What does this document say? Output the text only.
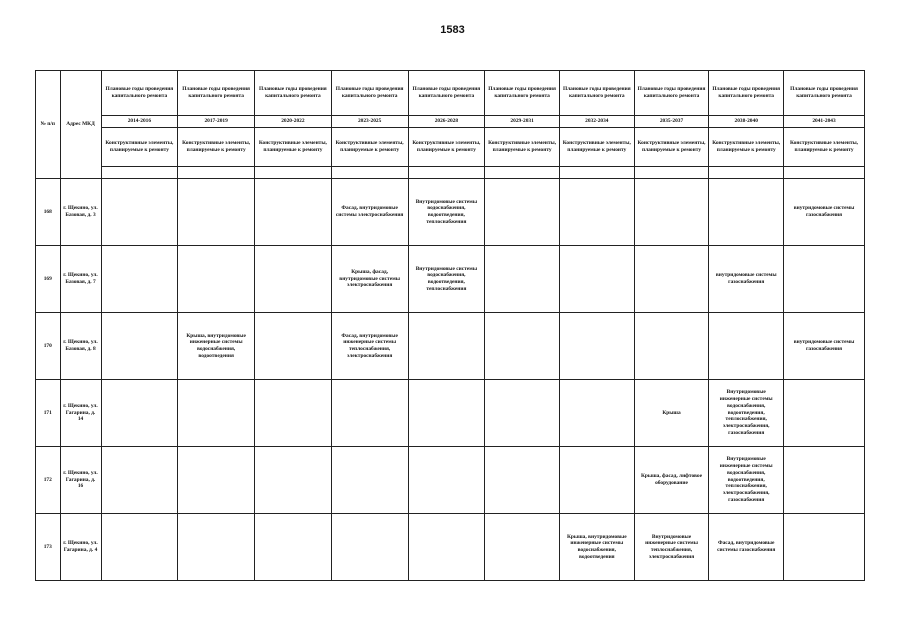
1583
№ п/п	Адрес МКД	Плановые годы проведения капитального ремонта	Плановые годы проведения капитального ремонта	Плановые годы проведения капитального ремонта	Плановые годы проведения капитального ремонта	Плановые годы проведения капитального ремонта	Плановые годы проведения капитального ремонта	Плановые годы проведения капитального ремонта	Плановые годы проведения капитального ремонта	Плановые годы проведения капитального ремонта	Плановые годы проведения капитального ремонта
		2014-2016	2017-2019	2020-2022	2023-2025	2026-2028	2029-2031	2032-2034	2035-2037	2038-2040	2041-2043
		Конструктивные элементы, планируемые к ремонту	Конструктивные элементы, планируемые к ремонту	Конструктивные элементы, планируемые к ремонту	Конструктивные элементы, планируемые к ремонту	Конструктивные элементы, планируемые к ремонту	Конструктивные элементы, планируемые к ремонту	Конструктивные элементы, планируемые к ремонту	Конструктивные элементы, планируемые к ремонту	Конструктивные элементы, планируемые к ремонту	Конструктивные элементы, планируемые к ремонту

168	г. Щекино, ул. Базовая, д. 3				Фасад, внутридомовые системы электроснабжения	Внутридомовые системы водоснабжения, водоотведения, теплоснабжения					внутридомовые системы газоснабжения
169	г. Щекино, ул. Базовая, д. 7				Крыша, фасад, внутридомовые системы электроснабжения	Внутридомовые системы водоснабжения, водоотведения, теплоснабжения				внутридомовые системы газоснабжения	
170	г. Щекино, ул. Базовая, д. 8		Крыша, внутридомовые инженерные системы водоснабжения, водоотведения		Фасад, внутридомовые инженерные системы теплоснабжения, электроснабжения						внутридомовые системы газоснабжения
171	г. Щекино, ул. Гагарина, д. 14								Крыша	Внутридомовые инженерные системы водоснабжения, водоотведения, теплоснабжения, электроснабжения, газоснабжения	
172	г. Щекино, ул. Гагарина, д. 16								Крыша, фасад, лифтовое оборудование	Внутридомовые инженерные системы водоснабжения, водоотведения, теплоснабжения, электроснабжения, газоснабжения	
173	г. Щекино, ул. Гагарина, д. 4							Крыша, внутридомовые инженерные системы водоснабжения, водоотведения	Внутридомовые инженерные системы теплоснабжения, электроснабжения	Фасад, внутридомовые системы газоснабжения	
